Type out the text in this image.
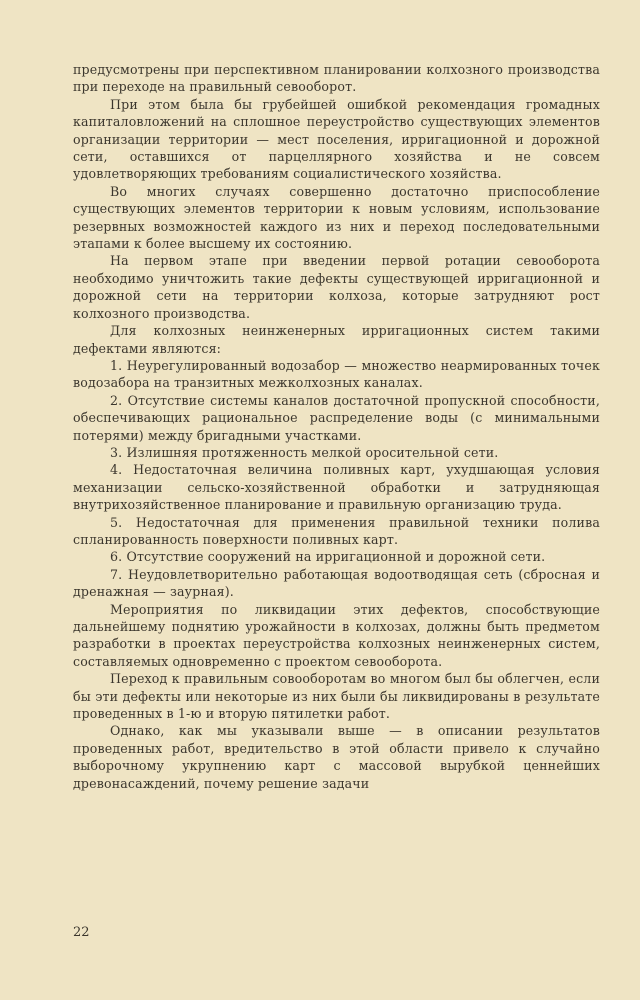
предусмотрены при перспективном планировании колхозного производства при переходе на правильный севооборот.

При этом была бы грубейшей ошибкой рекомендация громадных капиталовложений на сплошное переустройство существующих элементов организации территории — мест поселения, ирригационной и дорожной сети, оставшихся от парцеллярного хозяйства и не совсем удовлетворяющих требованиям социалистического хозяйства.

Во многих случаях совершенно достаточно приспособление существующих элементов территории к новым условиям, использование резервных возможностей каждого из них и переход последовательными этапами к более высшему их состоянию.

На первом этапе при введении первой ротации севооборота необходимо уничтожить такие дефекты существующей ирригационной и дорожной сети на территории колхоза, которые затрудняют рост колхозного производства.

Для колхозных неинженерных ирригационных систем такими дефектами являются:

1. Неурегулированный водозабор — множество неармированных точек водозабора на транзитных межколхозных каналах.

2. Отсутствие системы каналов достаточной пропускной способности, обеспечивающих рациональное распределение воды (с минимальными потерями) между бригадными участками.

3. Излишняя протяженность мелкой оросительной сети.

4. Недостаточная величина поливных карт, ухудшающая условия механизации сельско-хозяйственной обработки и затрудняющая внутрихозяйственное планирование и правильную организацию труда.

5. Недостаточная для применения правильной техники полива спланированность поверхности поливных карт.

6. Отсутствие сооружений на ирригационной и дорожной сети.

7. Неудовлетворительно работающая водоотводящая сеть (сбросная и дренажная — заурная).

Мероприятия по ликвидации этих дефектов, способствующие дальнейшему поднятию урожайности в колхозах, должны быть предметом разработки в проектах переустройства колхозных неинженерных систем, составляемых одновременно с проектом севооборота.

Переход к правильным совооборотам во многом был бы облегчен, если бы эти дефекты или некоторые из них были бы ликвидированы в результате проведенных в 1-ю и вторую пятилетки работ.

Однако, как мы указывали выше — в описании результатов проведенных работ, вредительство в этой области привело к случайно выборочному укрупнению карт с массовой вырубкой ценнейших древонасаждений, почему решение задачи

22
